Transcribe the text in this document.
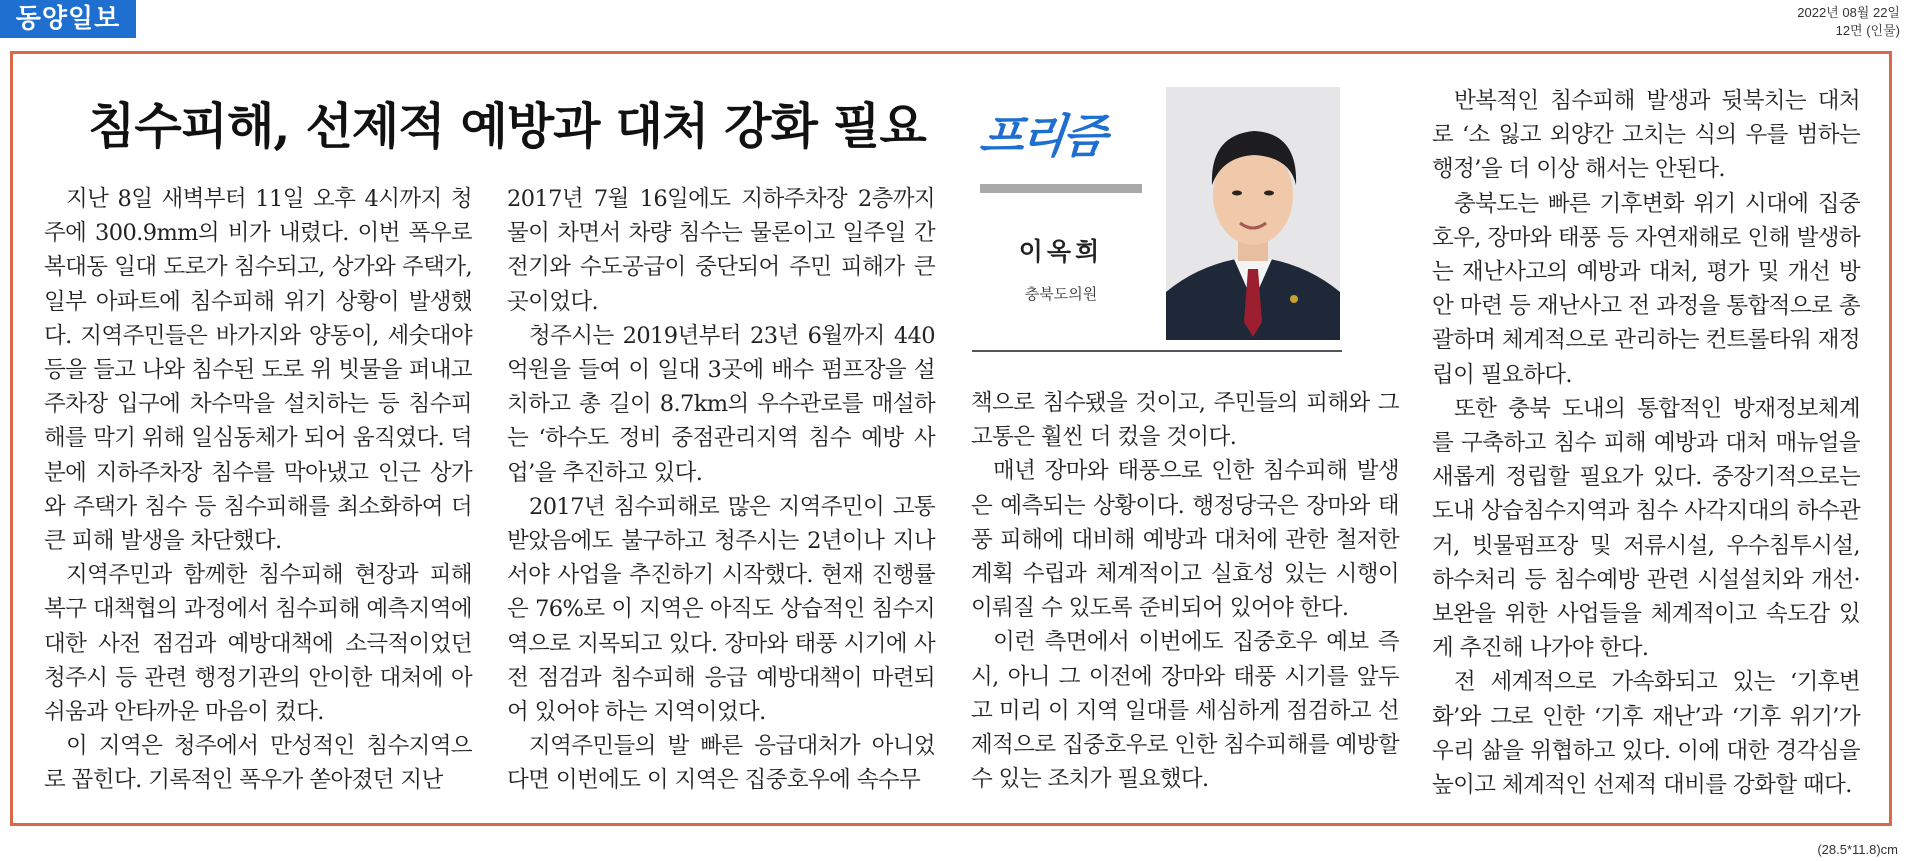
동양일보	2022년 08월 22일
12면 (인물)
침수피해, 선제적 예방과 대처 강화 필요 프리즘
이옥희
충북도의원

지난 8일 새벽부터 11일 오후 4시까지 청주에 300.9mm의 비가 내렸다. 이번 폭우로 복대동 일대 도로가 침수되고, 상가와 주택가, 일부 아파트에 침수피해 위기 상황이 발생했다. 지역주민들은 바가지와 양동이, 세숫대야 등을 들고 나와 침수된 도로 위 빗물을 퍼내고 주차장 입구에 차수막을 설치하는 등 침수피해를 막기 위해 일심동체가 되어 움직였다. 덕분에 지하주차장 침수를 막아냈고 인근 상가와 주택가 침수 등 침수피해를 최소화하여 더 큰 피해 발생을 차단했다.

지역주민과 함께한 침수피해 현장과 피해복구 대책협의 과정에서 침수피해 예측지역에 대한 사전 점검과 예방대책에 소극적이었던 청주시 등 관련 행정기관의 안이한 대처에 아쉬움과 안타까운 마음이 컸다.

이 지역은 청주에서 만성적인 침수지역으로 꼽힌다. 기록적인 폭우가 쏟아졌던 지난

2017년 7월 16일에도 지하주차장 2층까지 물이 차면서 차량 침수는 물론이고 일주일 간 전기와 수도공급이 중단되어 주민 피해가 큰 곳이었다.

청주시는 2019년부터 23년 6월까지 440억원을 들여 이 일대 3곳에 배수 펌프장을 설치하고 총 길이 8.7km의 우수관로를 매설하는 ‘하수도 정비 중점관리지역 침수 예방 사업’을 추진하고 있다.

2017년 침수피해로 많은 지역주민이 고통받았음에도 불구하고 청주시는 2년이나 지나서야 사업을 추진하기 시작했다. 현재 진행률은 76%로 이 지역은 아직도 상습적인 침수지역으로 지목되고 있다. 장마와 태풍 시기에 사전 점검과 침수피해 응급 예방대책이 마련되어 있어야 하는 지역이었다.

지역주민들의 발 빠른 응급대처가 아니었다면 이번에도 이 지역은 집중호우에 속수무

책으로 침수됐을 것이고, 주민들의 피해와 그 고통은 훨씬 더 컸을 것이다.

매년 장마와 태풍으로 인한 침수피해 발생은 예측되는 상황이다. 행정당국은 장마와 태풍 피해에 대비해 예방과 대처에 관한 철저한 계획 수립과 체계적이고 실효성 있는 시행이 이뤄질 수 있도록 준비되어 있어야 한다.

이런 측면에서 이번에도 집중호우 예보 즉시, 아니 그 이전에 장마와 태풍 시기를 앞두고 미리 이 지역 일대를 세심하게 점검하고 선제적으로 집중호우로 인한 침수피해를 예방할 수 있는 조치가 필요했다.

반복적인 침수피해 발생과 뒷북치는 대처로 ‘소 잃고 외양간 고치는 식의 우를 범하는 행정’을 더 이상 해서는 안된다.

충북도는 빠른 기후변화 위기 시대에 집중호우, 장마와 태풍 등 자연재해로 인해 발생하는 재난사고의 예방과 대처, 평가 및 개선 방안 마련 등 재난사고 전 과정을 통합적으로 총괄하며 체계적으로 관리하는 컨트롤타워 재정립이 필요하다.

또한 충북 도내의 통합적인 방재정보체계를 구축하고 침수 피해 예방과 대처 매뉴얼을 새롭게 정립할 필요가 있다. 중장기적으로는 도내 상습침수지역과 침수 사각지대의 하수관거, 빗물펌프장 및 저류시설, 우수침투시설, 하수처리 등 침수예방 관련 시설설치와 개선·보완을 위한 사업들을 체계적이고 속도감 있게 추진해 나가야 한다.

전 세계적으로 가속화되고 있는 ‘기후변화’와 그로 인한 ‘기후 재난’과 ‘기후 위기’가 우리 삶을 위협하고 있다. 이에 대한 경각심을 높이고 체계적인 선제적 대비를 강화할 때다.

(28.5*11.8)cm
